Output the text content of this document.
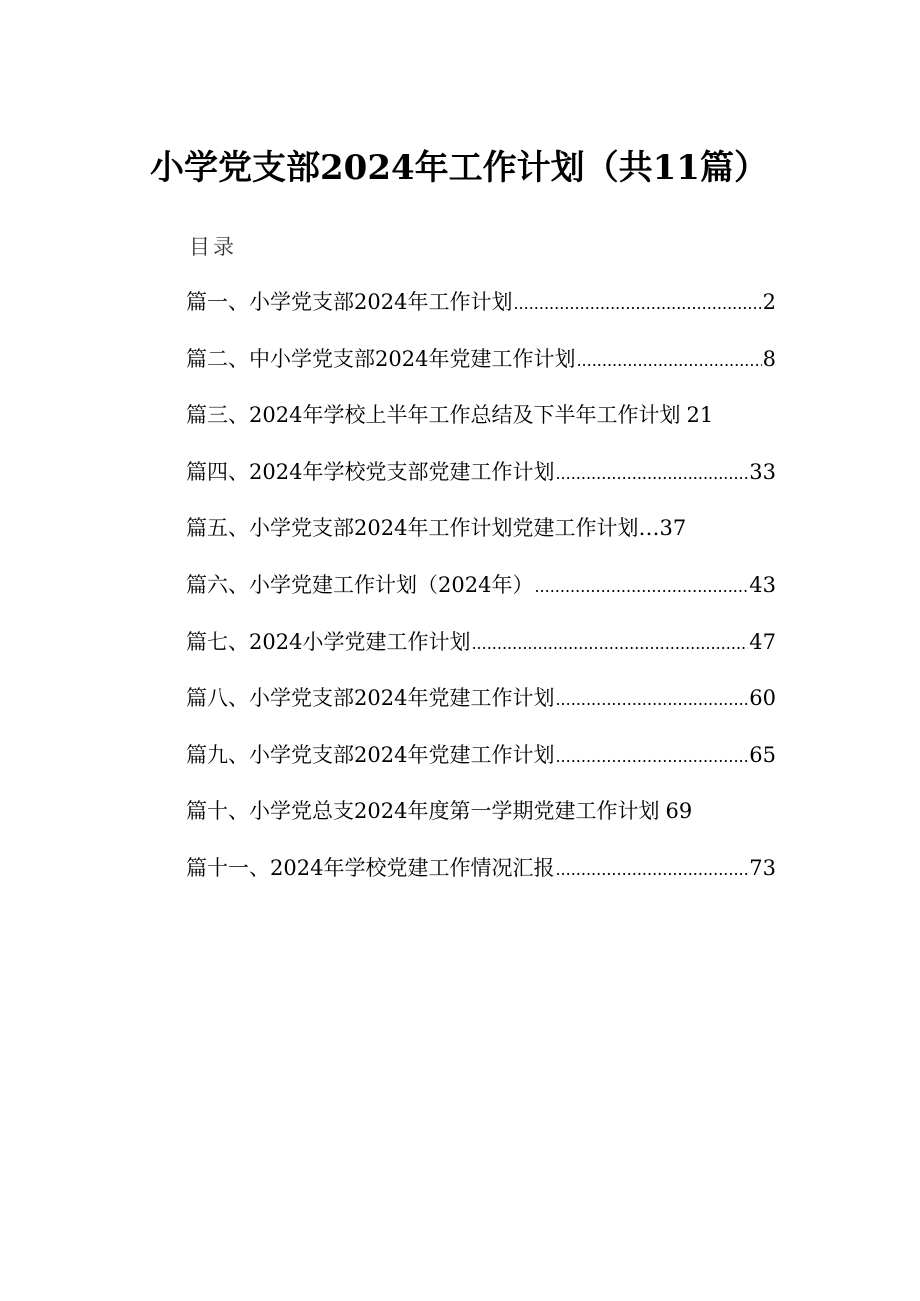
小学党支部2024年工作计划（共11篇）
目录
篇一、小学党支部2024年工作计划 .....	2
篇二、中小学党支部2024年党建工作计划 .....	8
篇三、2024年学校上半年工作总结及下半年工作计划 21
篇四、2024年学校党支部党建工作计划 .....	33
篇五、小学党支部2024年工作计划党建工作计划… 37
篇六、小学党建工作计划（2024年） .....	43
篇七、2024小学党建工作计划 .....	47
篇八、小学党支部2024年党建工作计划 .....	60
篇九、小学党支部2024年党建工作计划 .....	65
篇十、小学党总支2024年度第一学期党建工作计划 69
篇十一、2024年学校党建工作情况汇报 .....	73
